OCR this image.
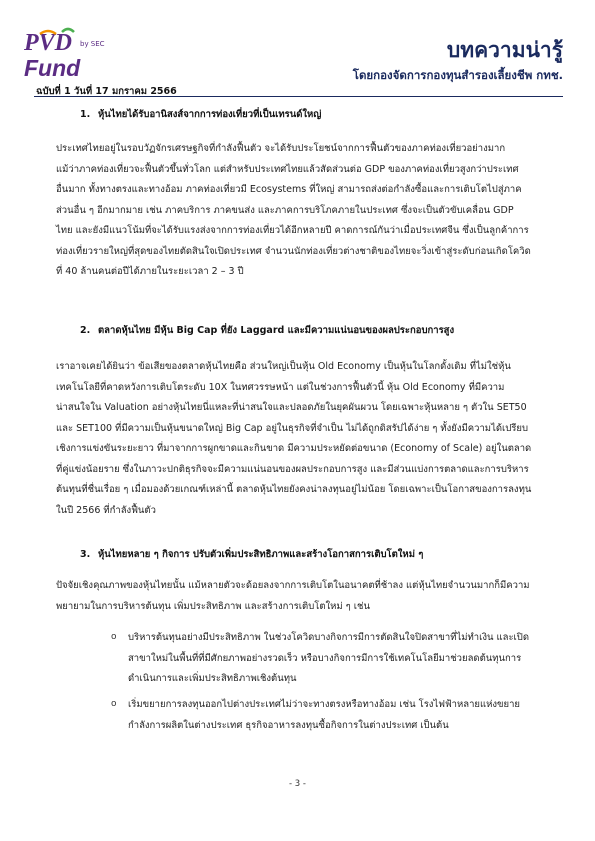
PVD by SEC
Fund
ฉบับที่ 1 วันที่ 17 มกราคม 2566
บทความน่ารู้
โดยกองจัดการกองทุนสำรองเลี้ยงชีพ กทช.
1. หุ้นไทยได้รับอานิสงส์จากการท่องเที่ยวที่เป็นเทรนด์ใหญ่
ประเทศไทยอยู่ในรอบวัฏจักรเศรษฐกิจที่กำลังฟื้นตัว จะได้รับประโยชน์จากการฟื้นตัวของภาคท่องเที่ยวอย่างมาก
แม้ว่าภาคท่องเที่ยวจะฟื้นตัวขึ้นทั่วโลก แต่สำหรับประเทศไทยแล้วสัดส่วนต่อ GDP ของภาคท่องเที่ยวสูงกว่าประเทศ
อื่นมาก ทั้งทางตรงและทางอ้อม ภาคท่องเที่ยวมี Ecosystems ที่ใหญ่ สามารถส่งต่อกำลังซื้อและการเติบโตไปสู่ภาค
ส่วนอื่น ๆ อีกมากมาย เช่น ภาคบริการ ภาคขนส่ง และภาคการบริโภคภายในประเทศ ซึ่งจะเป็นตัวขับเคลื่อน GDP
ไทย และยังมีแนวโน้มที่จะได้รับแรงส่งจากการท่องเที่ยวได้อีกหลายปี คาดการณ์กันว่าเมื่อประเทศจีน ซึ่งเป็นลูกค้าการ
ท่องเที่ยวรายใหญ่ที่สุดของไทยตัดสินใจเปิดประเทศ จำนวนนักท่องเที่ยวต่างชาติของไทยจะวิ่งเข้าสู่ระดับก่อนเกิดโควิด
ที่ 40 ล้านคนต่อปีได้ภายในระยะเวลา 2 – 3 ปี
2. ตลาดหุ้นไทย มีหุ้น Big Cap ที่ยัง Laggard และมีความแน่นอนของผลประกอบการสูง
เราอาจเคยได้ยินว่า ข้อเสียของตลาดหุ้นไทยคือ ส่วนใหญ่เป็นหุ้น Old Economy เป็นหุ้นในโลกดั้งเดิม ที่ไม่ใช่หุ้น
เทคโนโลยีที่คาดหวังการเติบโตระดับ 10X ในทศวรรษหน้า แต่ในช่วงการฟื้นตัวนี้ หุ้น Old Economy ที่มีความ
น่าสนใจใน Valuation อย่างหุ้นไทยนี่แหละที่น่าสนใจและปลอดภัยในยุคผันผวน โดยเฉพาะหุ้นหลาย ๆ ตัวใน SET50
และ SET100 ที่มีความเป็นหุ้นขนาดใหญ่ Big Cap อยู่ในธุรกิจที่จำเป็น ไม่ได้ถูกดิสรัปได้ง่าย ๆ ทั้งยังมีความได้เปรียบ
เชิงการแข่งขันระยะยาว ที่มาจากการผูกขาดและกินขาด มีความประหยัดต่อขนาด (Economy of Scale) อยู่ในตลาด
ที่คู่แข่งน้อยราย ซึ่งในภาวะปกติธุรกิจจะมีความแน่นอนของผลประกอบการสูง และมีส่วนแบ่งการตลาดและการบริหาร
ต้นทุนที่ชื่นเรื่อย ๆ เมื่อมองด้วยเกณฑ์เหล่านี้ ตลาดหุ้นไทยยังคงน่าลงทุนอยู่ไม่น้อย โดยเฉพาะเป็นโอกาสของการลงทุน
ในปี 2566 ที่กำลังฟื้นตัว
3. หุ้นไทยหลาย ๆ กิจการ ปรับตัวเพิ่มประสิทธิภาพและสร้างโอกาสการเติบโตใหม่ ๆ
ปัจจัยเชิงคุณภาพของหุ้นไทยนั้น แม้หลายตัวจะด้อยลงจากการเติบโตในอนาคตที่ช้าลง แต่หุ้นไทยจำนวนมากก็มีความ
พยายามในการบริหารต้นทุน เพิ่มประสิทธิภาพ และสร้างการเติบโตใหม่ ๆ เช่น
o บริหารต้นทุนอย่างมีประสิทธิภาพ ในช่วงโควิดบางกิจการมีการตัดสินใจปิดสาขาที่ไม่ทำเงิน และเปิด
สาขาใหม่ในพื้นที่ที่มีศักยภาพอย่างรวดเร็ว หรือบางกิจการมีการใช้เทคโนโลยีมาช่วยลดต้นทุนการ
ดำเนินการและเพิ่มประสิทธิภาพเชิงต้นทุน
o เริ่มขยายการลงทุนออกไปต่างประเทศไม่ว่าจะทางตรงหรือทางอ้อม เช่น โรงไฟฟ้าหลายแห่งขยาย
กำลังการผลิตในต่างประเทศ ธุรกิจอาหารลงทุนซื้อกิจการในต่างประเทศ เป็นต้น
- 3 -
